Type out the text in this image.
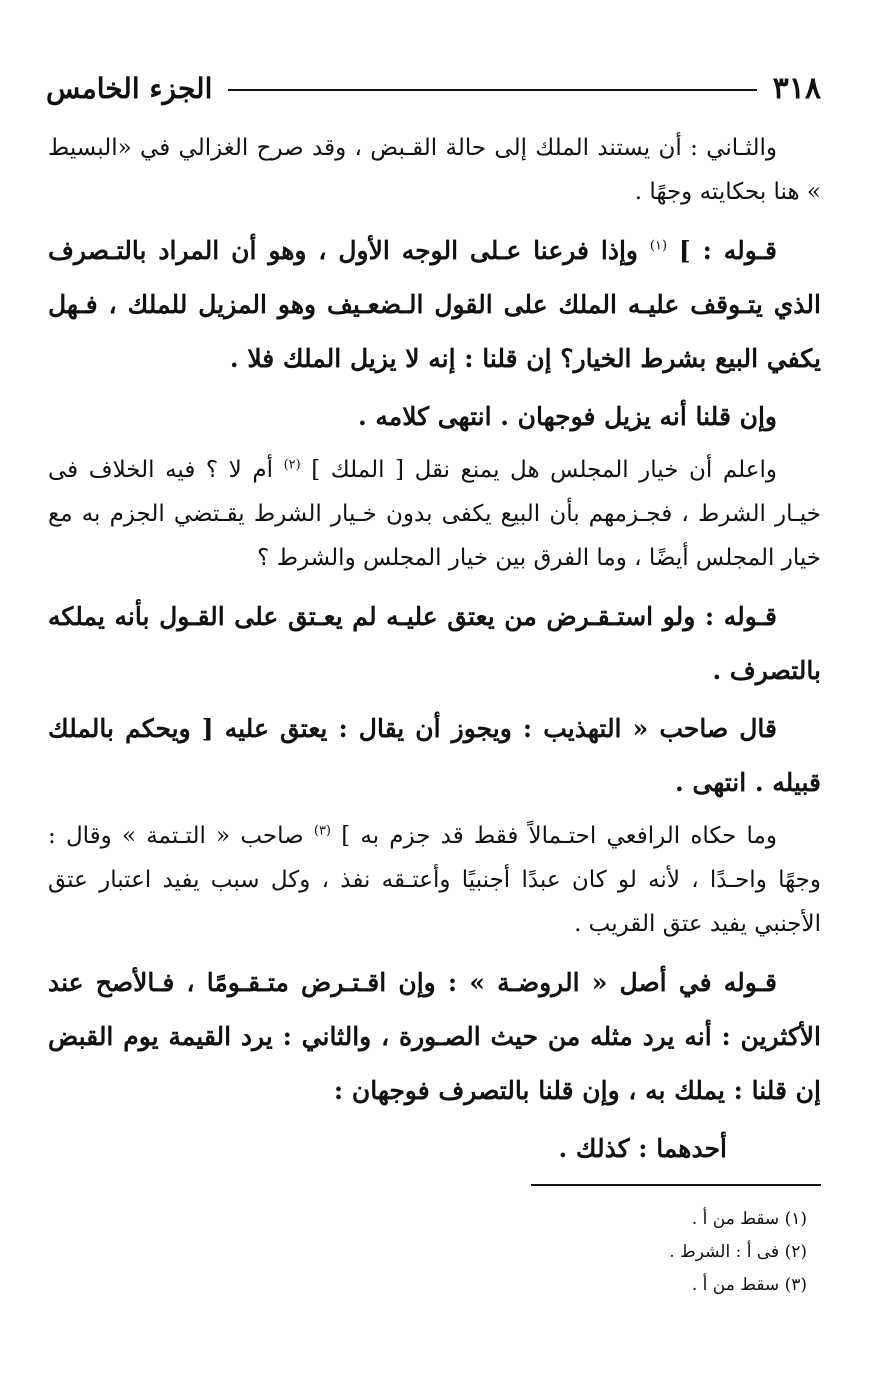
٣١٨
الجزء الخامس

والثـاني : أن يستند الملك إلى حالة القـبض ، وقد صرح الغزالي في «البسيط » هنا بحكايته وجهًا .

قـوله : ] $^{(١)}$ وإذا فرعنا عـلى الوجه الأول ، وهو أن المراد بالتـصرف الذي يتـوقف عليـه الملك على القول الـضعـيف وهو المزيل للملك ، فـهل يكفي البيع بشرط الخيار؟ إن قلنا : إنه لا يزيل الملك فلا .

وإن قلنا أنه يزيل فوجهان . انتهى كلامه .

واعلم أن خيار المجلس هل يمنع نقل [ الملك ] $^{(٢)}$ أم لا ؟ فيه الخلاف فى خيـار الشرط ، فجـزمهم بأن البيع يكفى بدون خـيار الشرط يقـتضي الجزم به مع خيار المجلس أيضًا ، وما الفرق بين خيار المجلس والشرط ؟

قـوله : ولو استـقـرض من يعتق عليـه لم يعـتق على القـول بأنه يملكه بالتصرف .

قال صاحب « التهذيب : ويجوز أن يقال : يعتق عليه [ ويحكم بالملك قبيله . انتهى .

وما حكاه الرافعي احتـمالاً فقط قد جزم به ] $^{(٣)}$ صاحب « التـتمة » وقال : وجهًا واحـدًا ، لأنه لو كان عبدًا أجنبيًا وأعتـقه نفذ ، وكل سبب يفيد اعتبار عتق الأجنبي يفيد عتق القريب .

قـوله في أصل « الروضـة » : وإن اقـتـرض متـقـومًا ، فـالأصح عند الأكثرين : أنه يرد مثله من حيث الصـورة ، والثاني : يرد القيمة يوم القبض إن قلنا : يملك به ، وإن قلنا بالتصرف فوجهان :

أحدهما : كذلك .

(١) سقط من أ .

(٢) فى أ : الشرط .

(٣) سقط من أ .
